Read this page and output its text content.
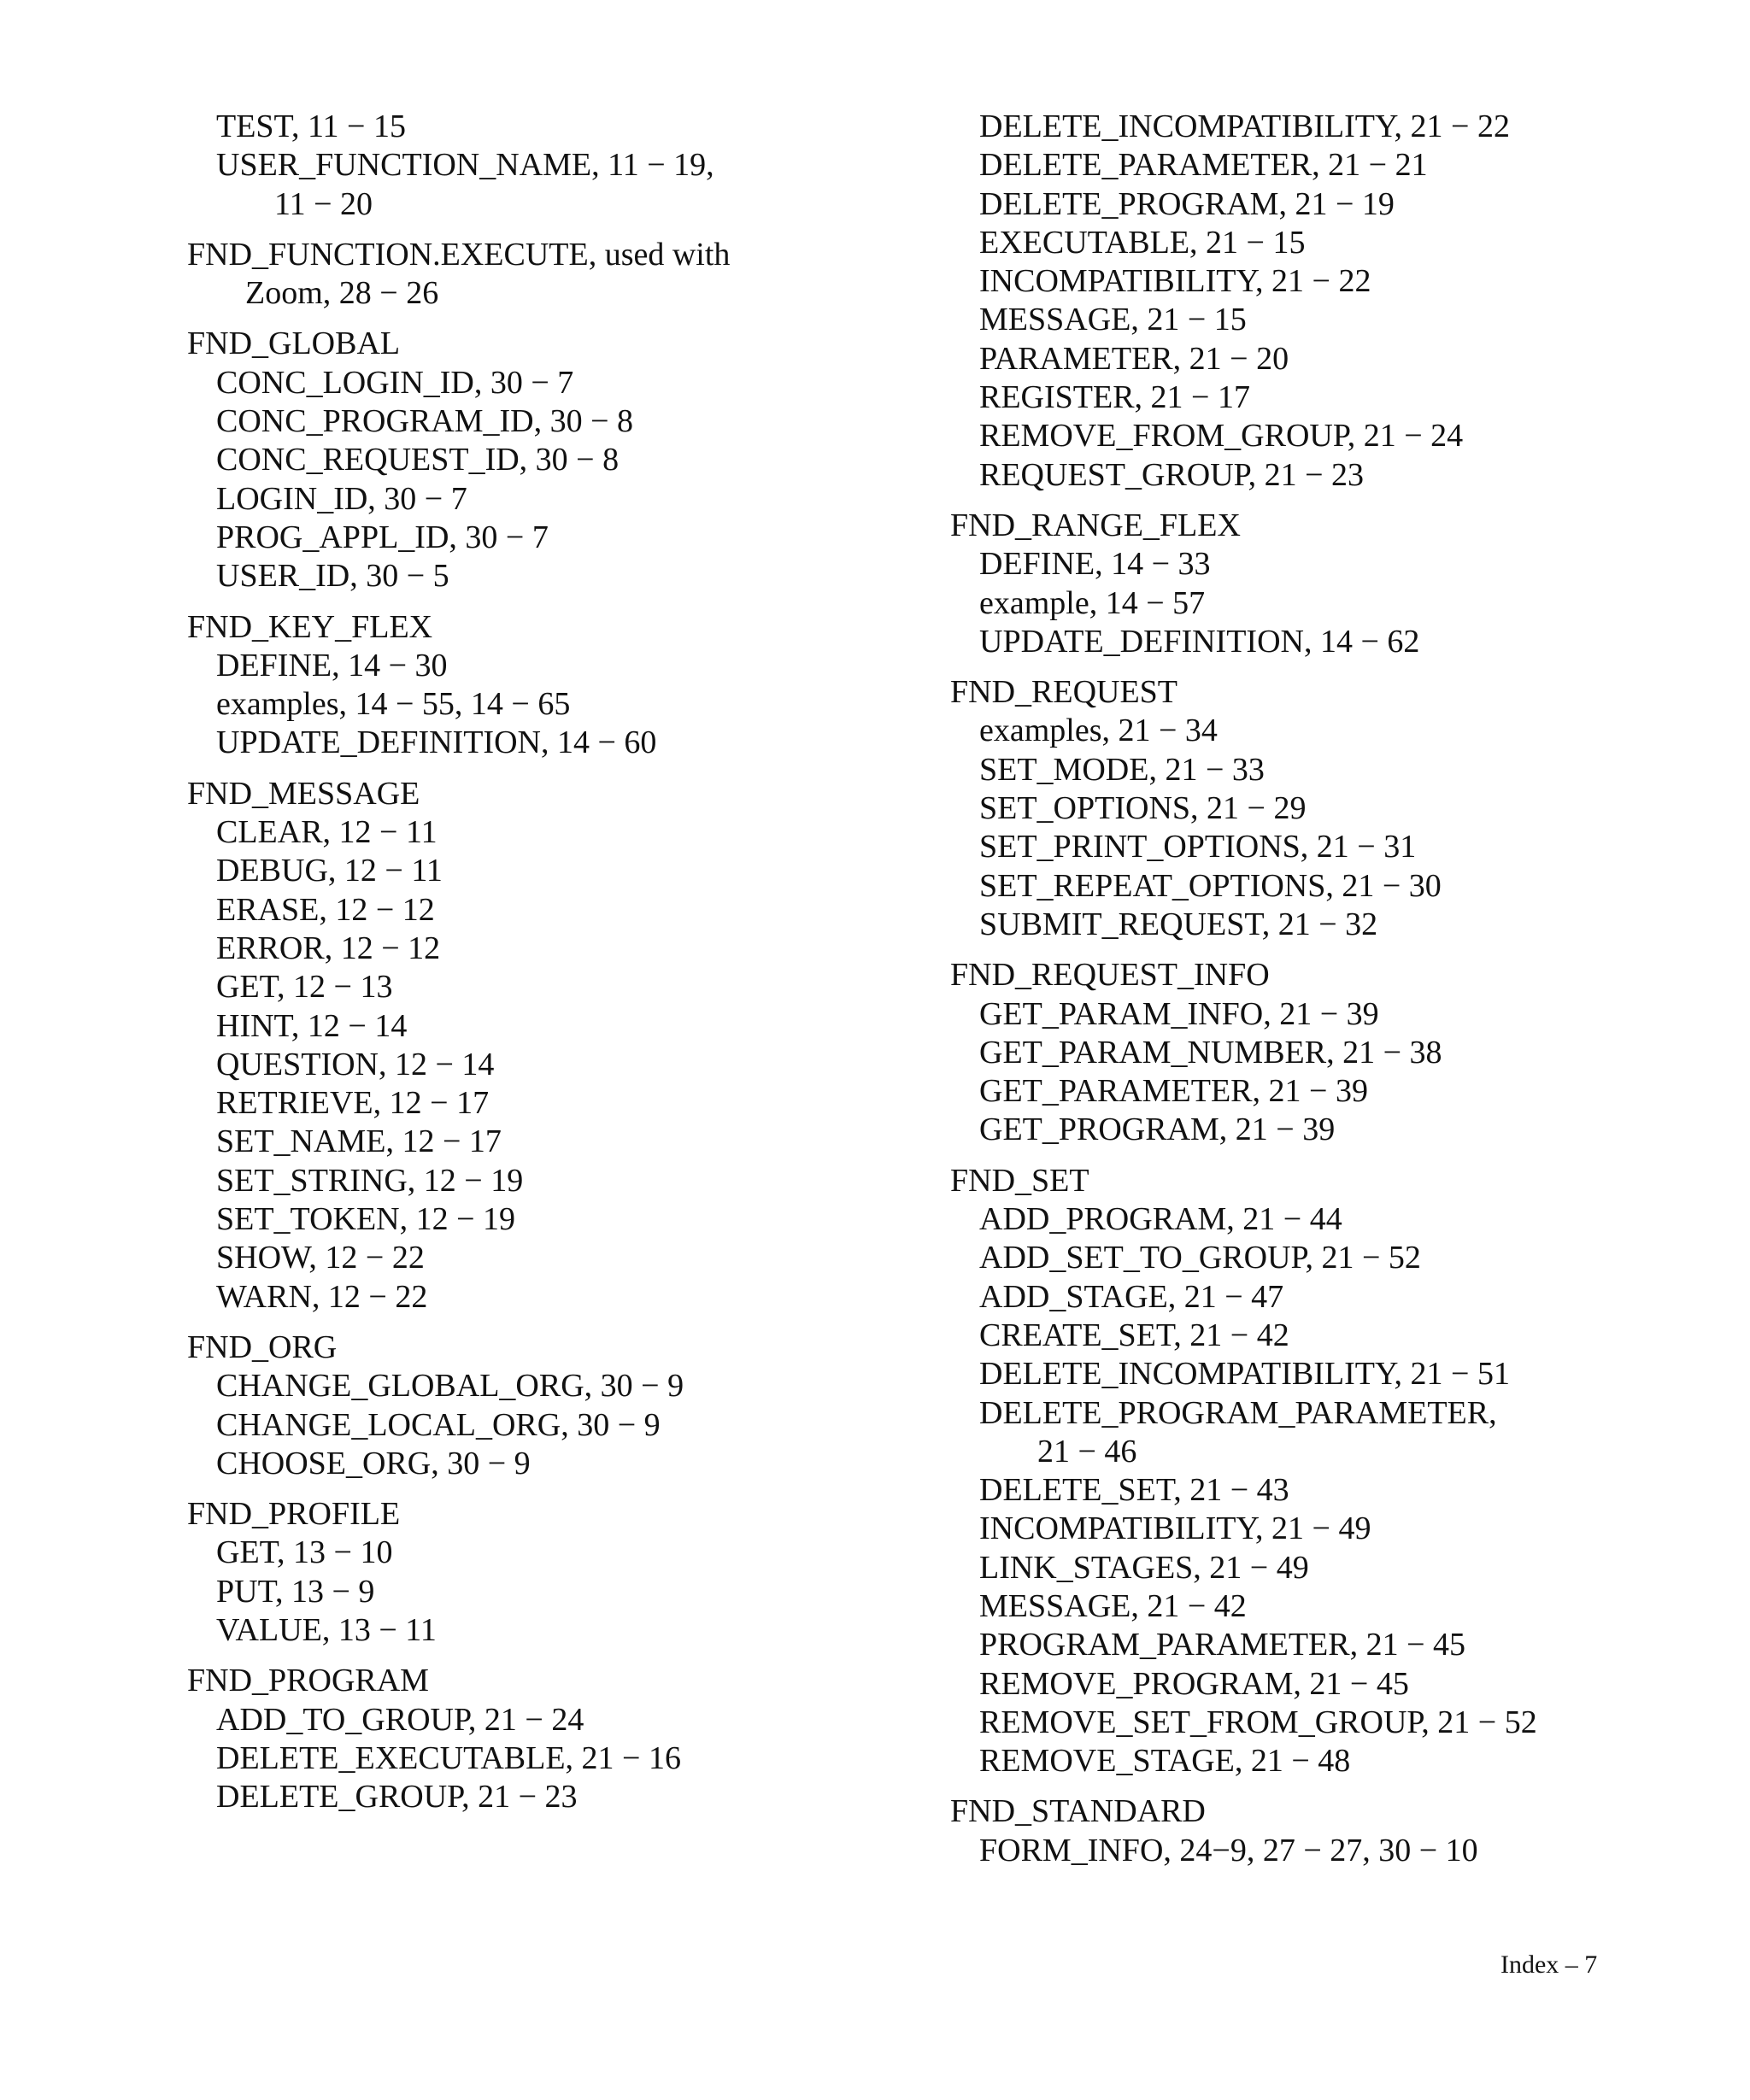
TEST, 11 − 15
USER_FUNCTION_NAME, 11 − 19,
11 − 20
FND_FUNCTION.EXECUTE, used with
Zoom, 28 − 26
FND_GLOBAL
CONC_LOGIN_ID, 30 − 7
CONC_PROGRAM_ID, 30 − 8
CONC_REQUEST_ID, 30 − 8
LOGIN_ID, 30 − 7
PROG_APPL_ID, 30 − 7
USER_ID, 30 − 5
FND_KEY_FLEX
DEFINE, 14 − 30
examples, 14 − 55, 14 − 65
UPDATE_DEFINITION, 14 − 60
FND_MESSAGE
CLEAR, 12 − 11
DEBUG, 12 − 11
ERASE, 12 − 12
ERROR, 12 − 12
GET, 12 − 13
HINT, 12 − 14
QUESTION, 12 − 14
RETRIEVE, 12 − 17
SET_NAME, 12 − 17
SET_STRING, 12 − 19
SET_TOKEN, 12 − 19
SHOW, 12 − 22
WARN, 12 − 22
FND_ORG
CHANGE_GLOBAL_ORG, 30 − 9
CHANGE_LOCAL_ORG, 30 − 9
CHOOSE_ORG, 30 − 9
FND_PROFILE
GET, 13 − 10
PUT, 13 − 9
VALUE, 13 − 11
FND_PROGRAM
ADD_TO_GROUP, 21 − 24
DELETE_EXECUTABLE, 21 − 16
DELETE_GROUP, 21 − 23
DELETE_INCOMPATIBILITY, 21 − 22
DELETE_PARAMETER, 21 − 21
DELETE_PROGRAM, 21 − 19
EXECUTABLE, 21 − 15
INCOMPATIBILITY, 21 − 22
MESSAGE, 21 − 15
PARAMETER, 21 − 20
REGISTER, 21 − 17
REMOVE_FROM_GROUP, 21 − 24
REQUEST_GROUP, 21 − 23
FND_RANGE_FLEX
DEFINE, 14 − 33
example, 14 − 57
UPDATE_DEFINITION, 14 − 62
FND_REQUEST
examples, 21 − 34
SET_MODE, 21 − 33
SET_OPTIONS, 21 − 29
SET_PRINT_OPTIONS, 21 − 31
SET_REPEAT_OPTIONS, 21 − 30
SUBMIT_REQUEST, 21 − 32
FND_REQUEST_INFO
GET_PARAM_INFO, 21 − 39
GET_PARAM_NUMBER, 21 − 38
GET_PARAMETER, 21 − 39
GET_PROGRAM, 21 − 39
FND_SET
ADD_PROGRAM, 21 − 44
ADD_SET_TO_GROUP, 21 − 52
ADD_STAGE, 21 − 47
CREATE_SET, 21 − 42
DELETE_INCOMPATIBILITY, 21 − 51
DELETE_PROGRAM_PARAMETER,
21 − 46
DELETE_SET, 21 − 43
INCOMPATIBILITY, 21 − 49
LINK_STAGES, 21 − 49
MESSAGE, 21 − 42
PROGRAM_PARAMETER, 21 − 45
REMOVE_PROGRAM, 21 − 45
REMOVE_SET_FROM_GROUP, 21 − 52
REMOVE_STAGE, 21 − 48
FND_STANDARD
FORM_INFO, 24−9, 27 − 27, 30 − 10
Index – 7
